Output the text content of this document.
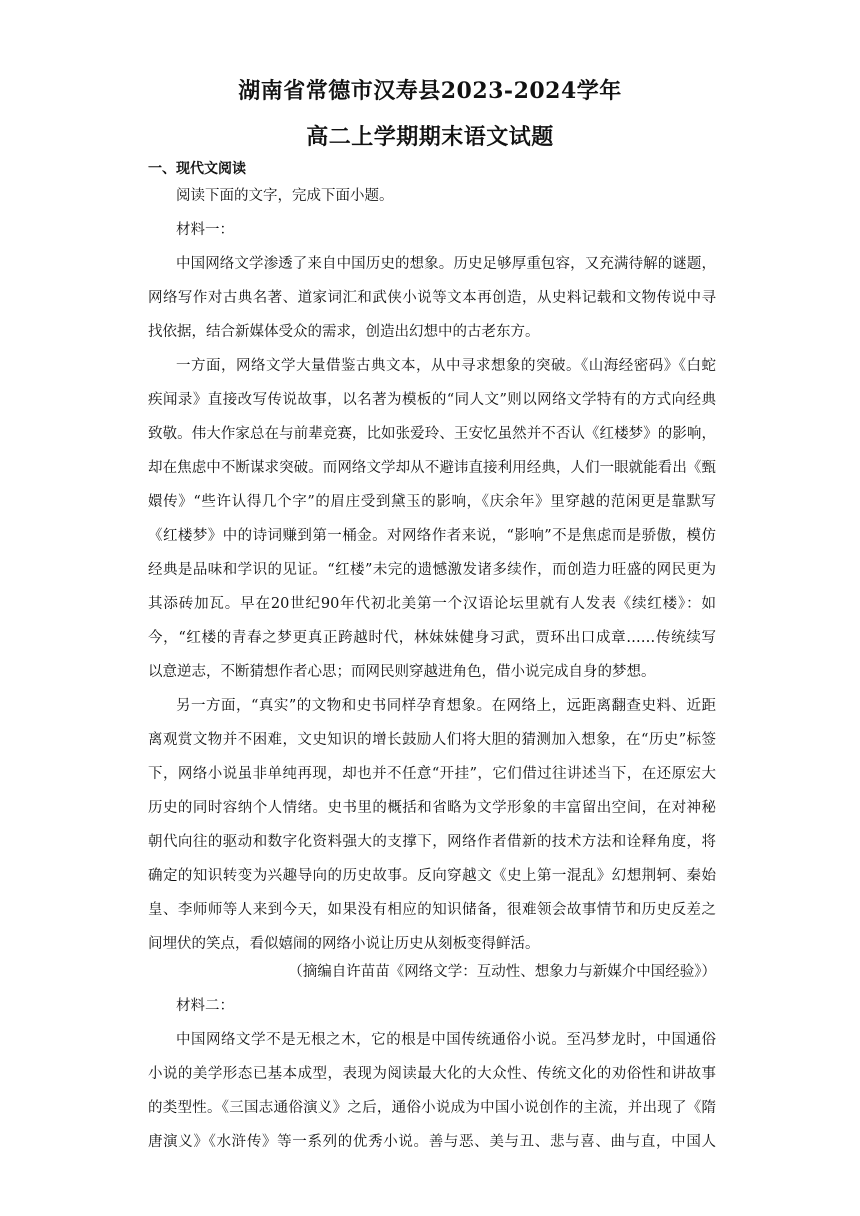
湖南省常德市汉寿县2023-2024学年
高二上学期期末语文试题
一、现代文阅读
阅读下面的文字，完成下面小题。
材料一：
中国网络文学渗透了来自中国历史的想象。历史足够厚重包容，又充满待解的谜题，
网络写作对古典名著、道家词汇和武侠小说等文本再创造，从史料记载和文物传说中寻
找依据，结合新媒体受众的需求，创造出幻想中的古老东方。
一方面，网络文学大量借鉴古典文本，从中寻求想象的突破。《山海经密码》《白蛇
疾闻录》直接改写传说故事，以名著为模板的“同人文”则以网络文学特有的方式向经典
致敬。伟大作家总在与前辈竞赛，比如张爱玲、王安忆虽然并不否认《红楼梦》的影响，
却在焦虑中不断谋求突破。而网络文学却从不避讳直接利用经典，人们一眼就能看出《甄
嬛传》“些许认得几个字”的眉庄受到黛玉的影响，《庆余年》里穿越的范闲更是靠默写
《红楼梦》中的诗词赚到第一桶金。对网络作者来说，“影响”不是焦虑而是骄傲，模仿
经典是品味和学识的见证。“红楼”未完的遗憾激发诸多续作，而创造力旺盛的网民更为
其添砖加瓦。早在20世纪90年代初北美第一个汉语论坛里就有人发表《续红楼》：如
今，“红楼的青春之梦更真正跨越时代，林妹妹健身习武，贾环出口成章……传统续写
以意逆志，不断猜想作者心思；而网民则穿越进角色，借小说完成自身的梦想。
另一方面，“真实”的文物和史书同样孕育想象。在网络上，远距离翻查史料、近距
离观赏文物并不困难，文史知识的增长鼓励人们将大胆的猜测加入想象，在“历史”标签
下，网络小说虽非单纯再现，却也并不任意“开挂”，它们借过往讲述当下，在还原宏大
历史的同时容纳个人情绪。史书里的概括和省略为文学形象的丰富留出空间，在对神秘
朝代向往的驱动和数字化资料强大的支撑下，网络作者借新的技术方法和诠释角度，将
确定的知识转变为兴趣导向的历史故事。反向穿越文《史上第一混乱》幻想荆轲、秦始
皇、李师师等人来到今天，如果没有相应的知识储备，很难领会故事情节和历史反差之
间埋伏的笑点，看似嬉闹的网络小说让历史从刻板变得鲜活。
（摘编自许苗苗《网络文学：互动性、想象力与新媒介中国经验》）
材料二：
中国网络文学不是无根之木，它的根是中国传统通俗小说。至冯梦龙时，中国通俗
小说的美学形态已基本成型，表现为阅读最大化的大众性、传统文化的劝俗性和讲故事
的类型性。《三国志通俗演义》之后，通俗小说成为中国小说创作的主流，并出现了《隋
唐演义》《水浒传》等一系列的优秀小说。善与恶、美与丑、悲与喜、曲与直，中国人
